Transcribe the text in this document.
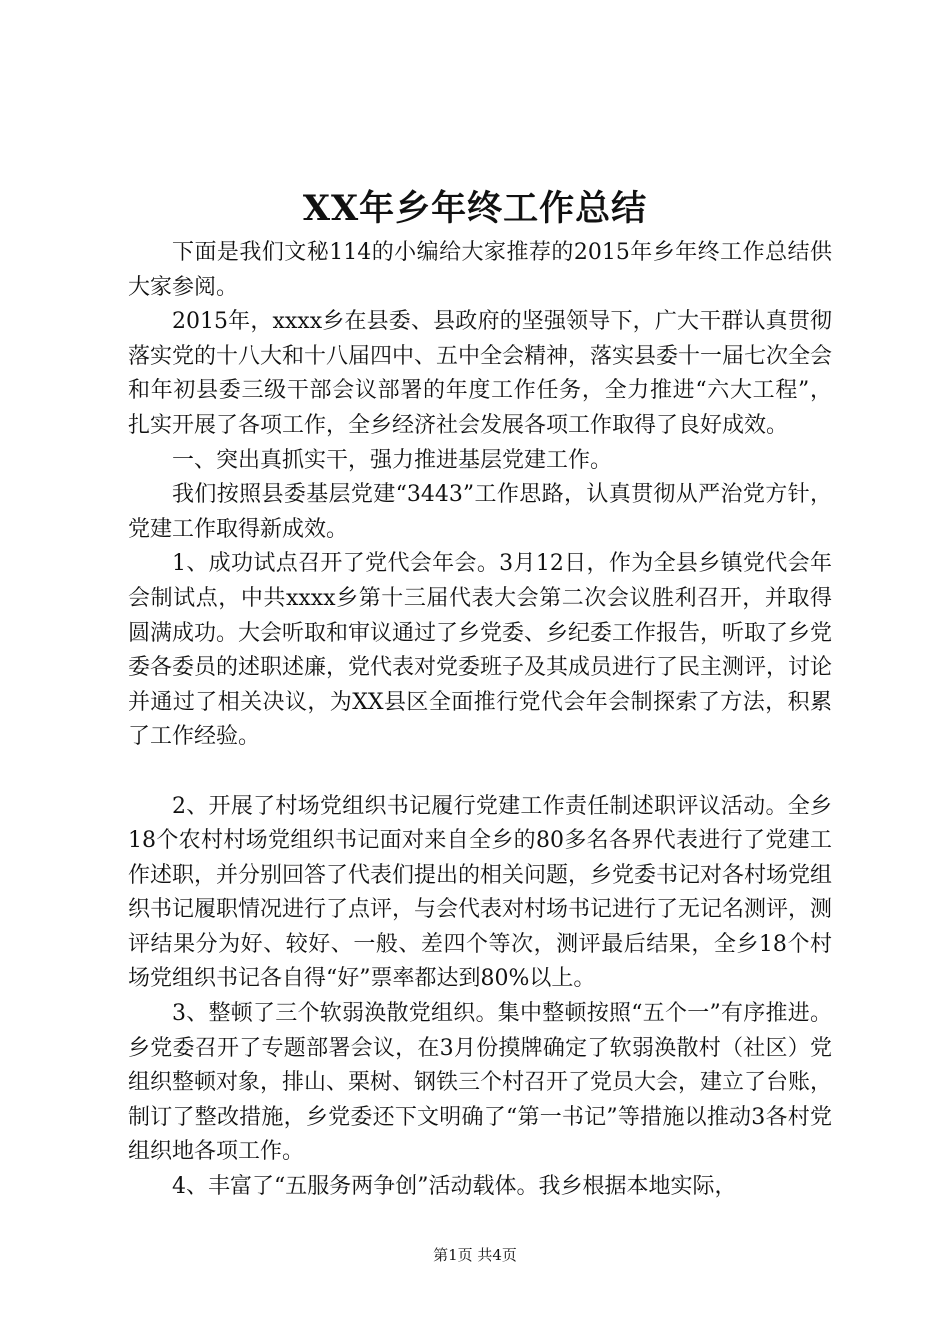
XX年乡年终工作总结

下面是我们文秘114的小编给大家推荐的2015年乡年终工作总结供大家参阅。

2015年，xxxx乡在县委、县政府的坚强领导下，广大干群认真贯彻落实党的十八大和十八届四中、五中全会精神，落实县委十一届七次全会和年初县委三级干部会议部署的年度工作任务，全力推进“六大工程”，扎实开展了各项工作，全乡经济社会发展各项工作取得了良好成效。

一、突出真抓实干，强力推进基层党建工作。

我们按照县委基层党建“3443”工作思路，认真贯彻从严治党方针，党建工作取得新成效。

1、成功试点召开了党代会年会。3月12日，作为全县乡镇党代会年会制试点，中共xxxx乡第十三届代表大会第二次会议胜利召开，并取得圆满成功。大会听取和审议通过了乡党委、乡纪委工作报告，听取了乡党委各委员的述职述廉，党代表对党委班子及其成员进行了民主测评，讨论并通过了相关决议，为XX县区全面推行党代会年会制探索了方法，积累了工作经验。

2、开展了村场党组织书记履行党建工作责任制述职评议活动。全乡18个农村村场党组织书记面对来自全乡的80多名各界代表进行了党建工作述职，并分别回答了代表们提出的相关问题，乡党委书记对各村场党组织书记履职情况进行了点评，与会代表对村场书记进行了无记名测评，测评结果分为好、较好、一般、差四个等次，测评最后结果，全乡18个村场党组织书记各自得“好”票率都达到80%以上。

3、整顿了三个软弱涣散党组织。集中整顿按照“五个一”有序推进。乡党委召开了专题部署会议，在3月份摸牌确定了软弱涣散村（社区）党组织整顿对象，排山、栗树、钢铁三个村召开了党员大会，建立了台账，制订了整改措施，乡党委还下文明确了“第一书记”等措施以推动3各村党组织地各项工作。

4、丰富了“五服务两争创”活动载体。我乡根据本地实际，

第1页 共4页
